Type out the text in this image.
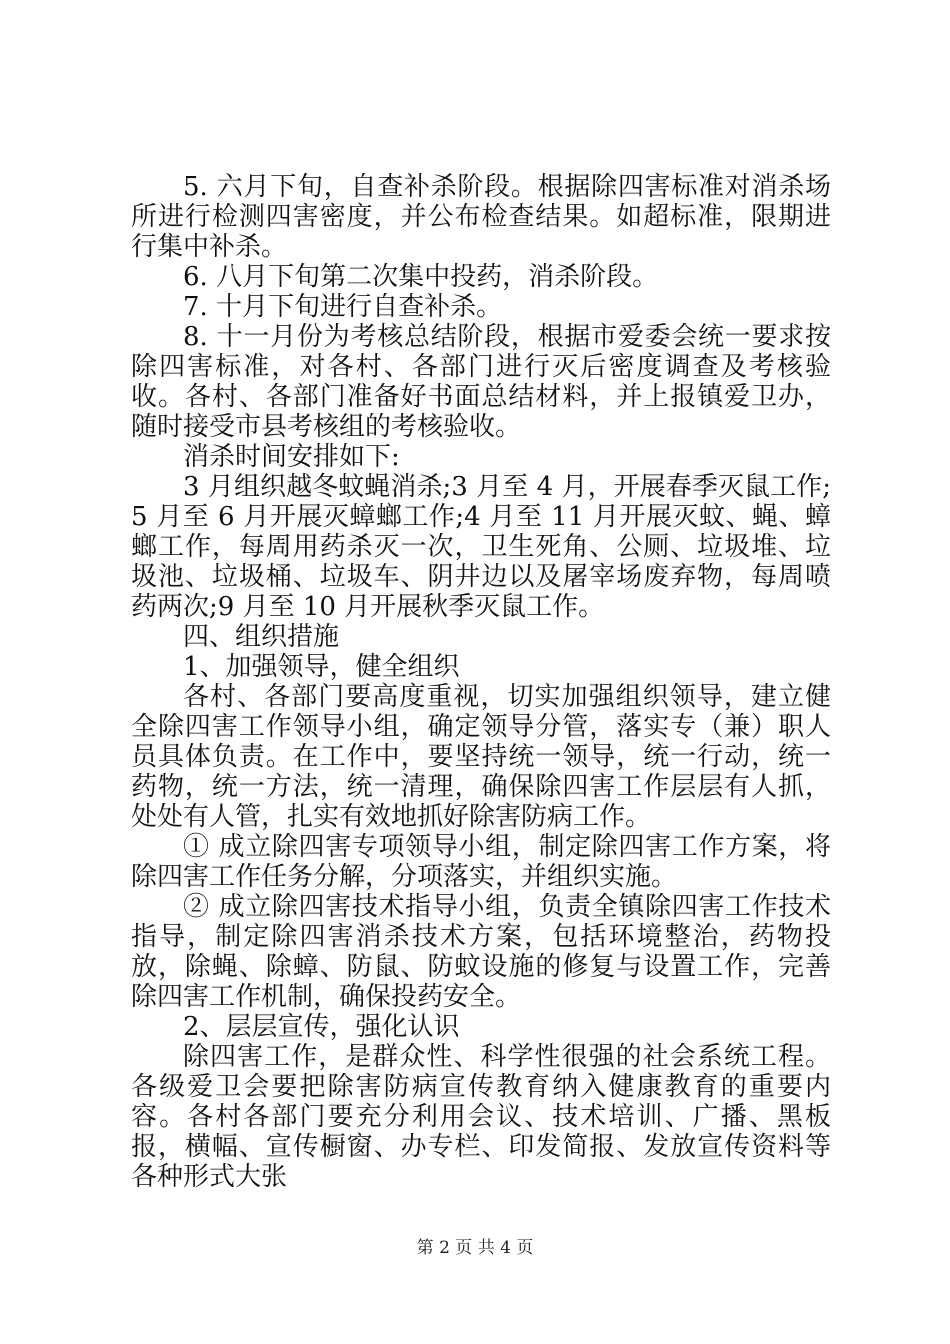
5. 六月下旬，自查补杀阶段。根据除四害标准对消杀场所进行检测四害密度，并公布检查结果。如超标准，限期进行集中补杀。

6. 八月下旬第二次集中投药，消杀阶段。

7. 十月下旬进行自查补杀。

8. 十一月份为考核总结阶段，根据市爱委会统一要求按除四害标准，对各村、各部门进行灭后密度调查及考核验收。各村、各部门准备好书面总结材料，并上报镇爱卫办，随时接受市县考核组的考核验收。

消杀时间安排如下:

3 月组织越冬蚊蝇消杀;3 月至 4 月，开展春季灭鼠工作;5 月至 6 月开展灭蟑螂工作;4 月至 11 月开展灭蚊、蝇、蟑螂工作，每周用药杀灭一次，卫生死角、公厕、垃圾堆、垃圾池、垃圾桶、垃圾车、阴井边以及屠宰场废弃物，每周喷药两次;9 月至 10 月开展秋季灭鼠工作。

四、组织措施

1、加强领导，健全组织

各村、各部门要高度重视，切实加强组织领导，建立健全除四害工作领导小组，确定领导分管，落实专（兼）职人员具体负责。在工作中，要坚持统一领导，统一行动，统一药物，统一方法，统一清理，确保除四害工作层层有人抓，处处有人管，扎实有效地抓好除害防病工作。

① 成立除四害专项领导小组，制定除四害工作方案，将除四害工作任务分解，分项落实，并组织实施。

② 成立除四害技术指导小组，负责全镇除四害工作技术指导，制定除四害消杀技术方案，包括环境整治，药物投放，除蝇、除蟑、防鼠、防蚊设施的修复与设置工作，完善除四害工作机制，确保投药安全。

2、层层宣传，强化认识

除四害工作，是群众性、科学性很强的社会系统工程。各级爱卫会要把除害防病宣传教育纳入健康教育的重要内容。各村各部门要充分利用会议、技术培训、广播、黑板报，横幅、宣传橱窗、办专栏、印发简报、发放宣传资料等各种形式大张

第 2 页 共 4 页
